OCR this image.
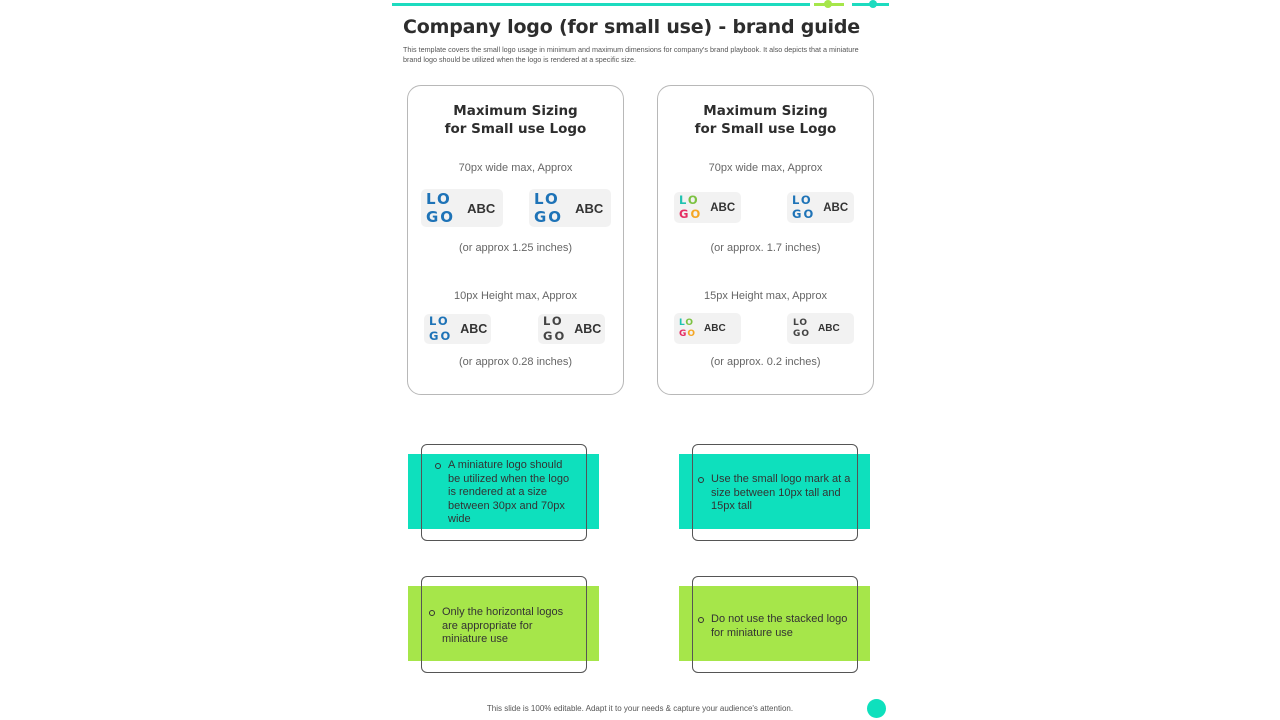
Company logo (for small use) - brand guide

This template covers the small logo usage in minimum and maximum dimensions for company's brand playbook. It also depicts that a miniature brand logo should be utilized when the logo is rendered at a specific size.

Maximum Sizing
for Small use Logo
70px wide max, Approx
LO
GO ABC
LO
GO ABC
(or approx 1.25 inches)
10px Height max, Approx
LO
GO ABC
LO
GO ABC
(or approx 0.28 inches)
Maximum Sizing
for Small use Logo
70px wide max, Approx
LO
GO ABC
LO
GO ABC
(or approx. 1.7 inches)
15px Height max, Approx
LO
GO ABC
LO
GO ABC
(or approx. 0.2 inches)
A miniature logo should be utilized when the logo is rendered at a size between 30px and 70px wide
Use the small logo mark at a size between 10px tall and 15px tall
Only the horizontal logos are appropriate for miniature use
Do not use the stacked logo for miniature use
This slide is 100% editable. Adapt it to your needs & capture your audience's attention.
